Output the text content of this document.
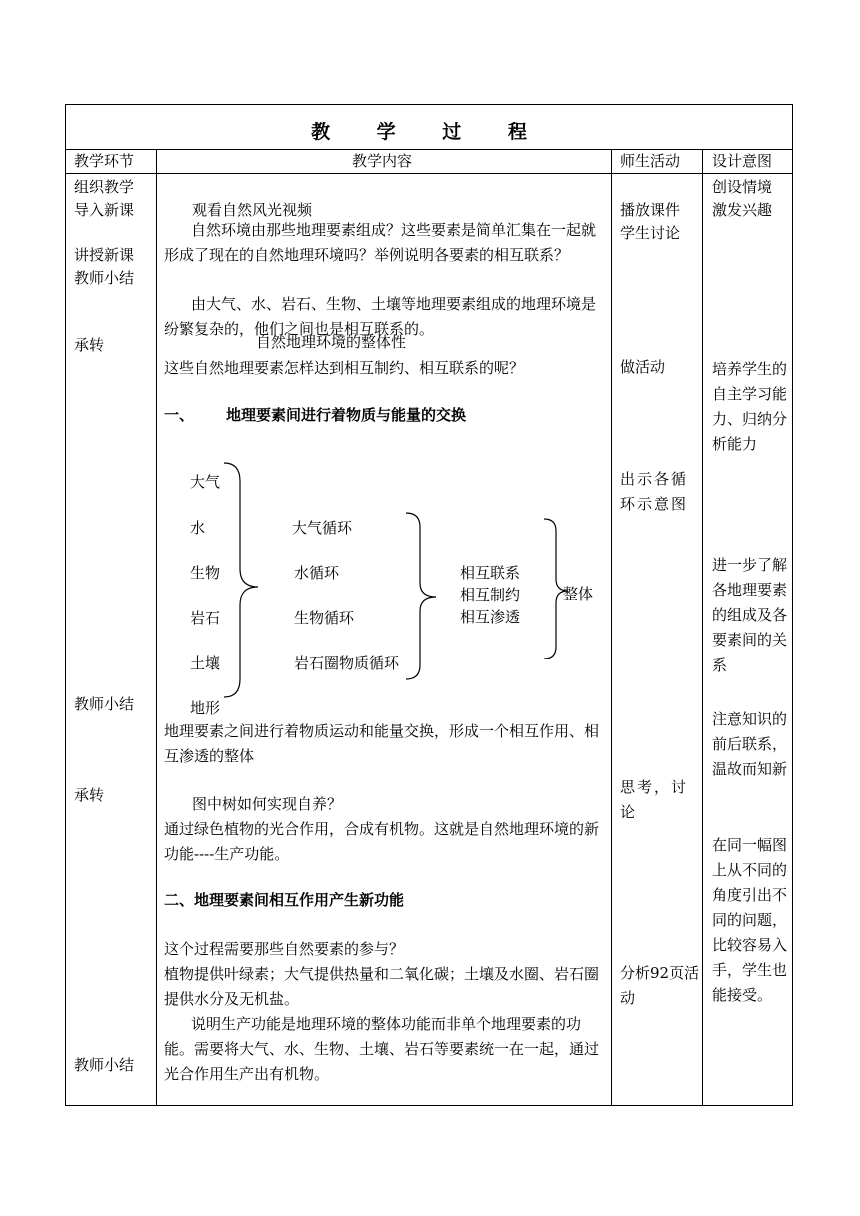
教 学 过 程
教学环节	教学内容	师生活动 设计意图
组织教学
导入新课
讲授新课
教师小结
承转
教师小结
承转
教师小结
观看自然风光视频
自然环境由那些地理要素组成？这些要素是简单汇集在一起就形成了现在的自然地理环境吗？举例说明各要素的相互联系？
由大气、水、岩石、生物、土壤等地理要素组成的地理环境是纷繁复杂的，他们之间也是相互联系的。
自然地理环境的整体性
这些自然地理要素怎样达到相互制约、相互联系的呢？
一、 地理要素间进行着物质与能量的交换
大气
水
生物
岩石
土壤
地形
大气循环
水循环
生物循环
岩石圈物质循环
相互联系
相互制约
相互渗透
整体
地理要素之间进行着物质运动和能量交换，形成一个相互作用、相互渗透的整体
图中树如何实现自养？
通过绿色植物的光合作用，合成有机物。这就是自然地理环境的新功能----生产功能。
二、地理要素间相互作用产生新功能
这个过程需要那些自然要素的参与？
植物提供叶绿素；大气提供热量和二氧化碳；土壤及水圈、岩石圈提供水分及无机盐。
说明生产功能是地理环境的整体功能而非单个地理要素的功能。需要将大气、水、生物、土壤、岩石等要素统一在一起，通过光合作用生产出有机物。
播放课件
学生讨论
做活动
出示各循环示意图
思考，讨论
分析92页活动
创设情境
激发兴趣
培养学生的自主学习能力、归纳分析能力
进一步了解各地理要素的组成及各要素间的关系
注意知识的前后联系，温故而知新
在同一幅图上从不同的角度引出不同的问题，比较容易入手，学生也能接受。
